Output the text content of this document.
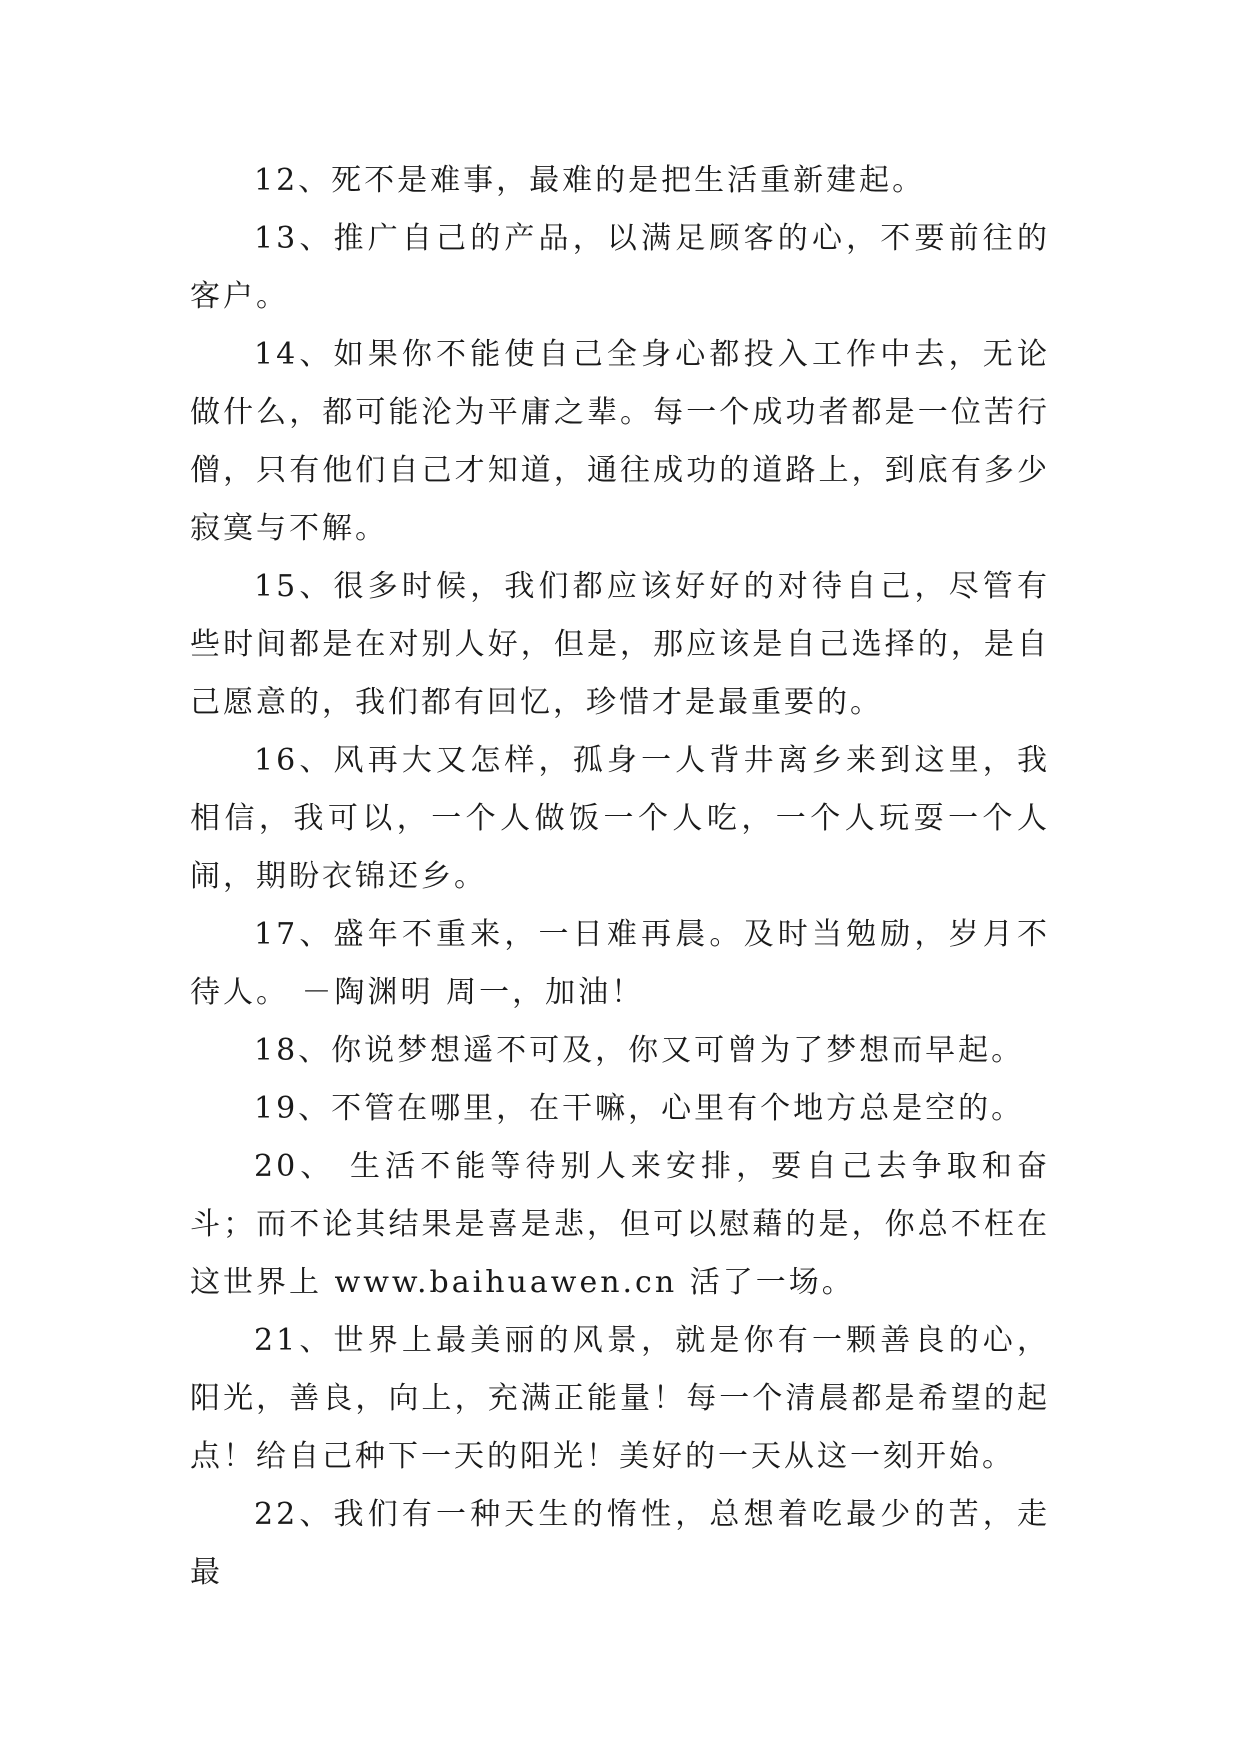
12、死不是难事，最难的是把生活重新建起。

13、推广自己的产品，以满足顾客的心，不要前往的客户。

14、如果你不能使自己全身心都投入工作中去，无论做什么，都可能沦为平庸之辈。每一个成功者都是一位苦行僧，只有他们自己才知道，通往成功的道路上，到底有多少寂寞与不解。

15、很多时候，我们都应该好好的对待自己，尽管有些时间都是在对别人好，但是，那应该是自己选择的，是自己愿意的，我们都有回忆，珍惜才是最重要的。

16、风再大又怎样，孤身一人背井离乡来到这里，我相信，我可以，一个人做饭一个人吃，一个人玩耍一个人闹，期盼衣锦还乡。

17、盛年不重来，一日难再晨。及时当勉励，岁月不待人。 －陶渊明 周一，加油！

18、你说梦想遥不可及，你又可曾为了梦想而早起。

19、不管在哪里，在干嘛，心里有个地方总是空的。

20、 生活不能等待别人来安排，要自己去争取和奋斗；而不论其结果是喜是悲，但可以慰藉的是，你总不枉在这世界上 www.baihuawen.cn 活了一场。

21、世界上最美丽的风景，就是你有一颗善良的心，阳光，善良，向上，充满正能量！每一个清晨都是希望的起点！给自己种下一天的阳光！美好的一天从这一刻开始。

22、我们有一种天生的惰性，总想着吃最少的苦，走最
